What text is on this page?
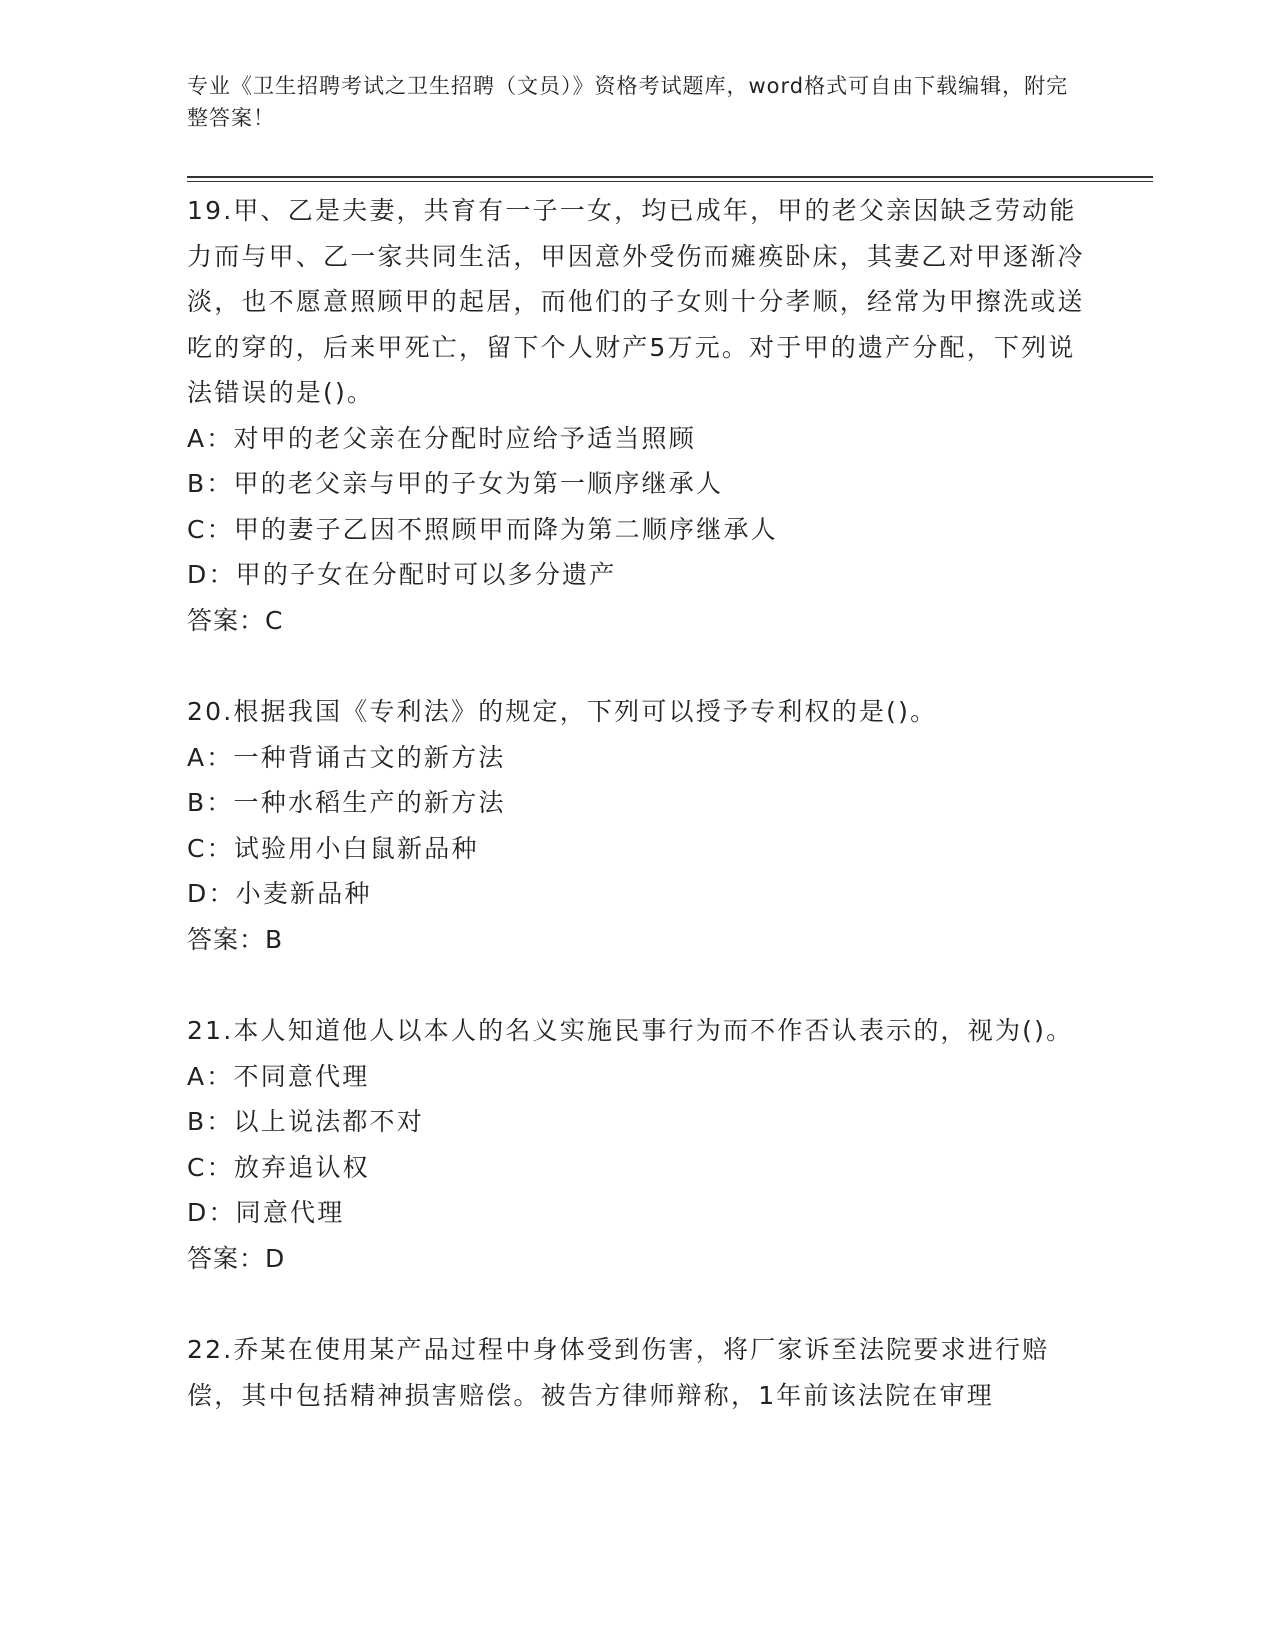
专业《卫生招聘考试之卫生招聘（文员）》资格考试题库，word格式可自由下载编辑，附完整答案！

19.甲、乙是夫妻，共育有一子一女，均已成年，甲的老父亲因缺乏劳动能力而与甲、乙一家共同生活，甲因意外受伤而瘫痪卧床，其妻乙对甲逐渐冷淡，也不愿意照顾甲的起居，而他们的子女则十分孝顺，经常为甲擦洗或送吃的穿的，后来甲死亡，留下个人财产5万元。对于甲的遗产分配，下列说法错误的是()。

A：对甲的老父亲在分配时应给予适当照顾

B：甲的老父亲与甲的子女为第一顺序继承人

C：甲的妻子乙因不照顾甲而降为第二顺序继承人

D：甲的子女在分配时可以多分遗产

答案：C

20.根据我国《专利法》的规定，下列可以授予专利权的是()。

A：一种背诵古文的新方法

B：一种水稻生产的新方法

C：试验用小白鼠新品种

D：小麦新品种

答案：B

21.本人知道他人以本人的名义实施民事行为而不作否认表示的，视为()。

A：不同意代理

B：以上说法都不对

C：放弃追认权

D：同意代理

答案：D

22.乔某在使用某产品过程中身体受到伤害，将厂家诉至法院要求进行赔偿，其中包括精神损害赔偿。被告方律师辩称，1年前该法院在审理
